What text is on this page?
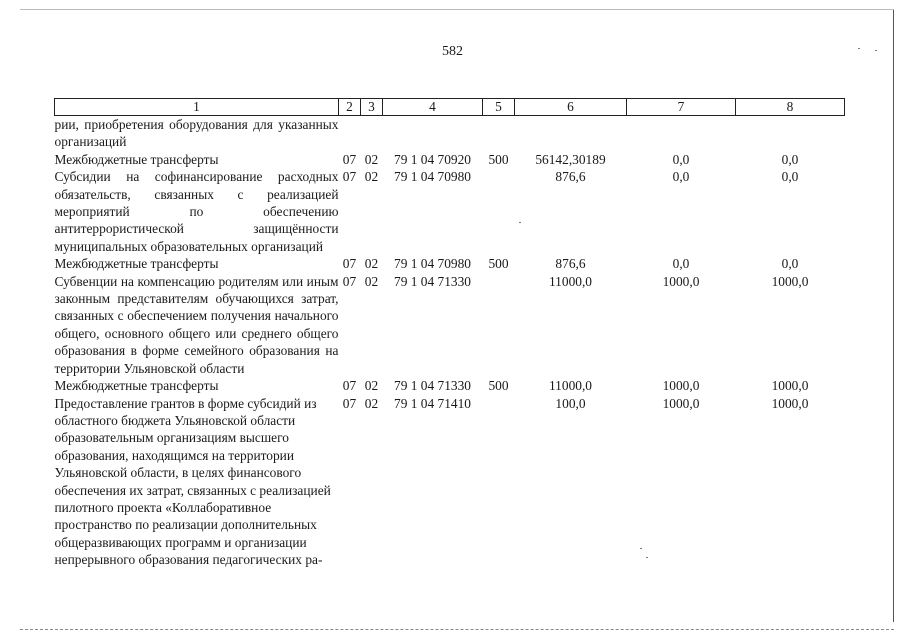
582
1	2	3	4	5	6	7	8
рии, приобретения оборудования для указанных организаций							
Межбюджетные трансферты	07	02	79 1 04 70920	500	56142,30189	0,0	0,0
Субсидии на софинансирование расходных обязательств, связанных с реализацией мероприятий по обеспечению антитеррористической защищённости муниципальных образовательных организаций	07	02	79 1 04 70980		876,6	0,0	0,0
Межбюджетные трансферты	07	02	79 1 04 70980	500	876,6	0,0	0,0
Субвенции на компенсацию родителям или иным законным представителям обучающихся затрат, связанных с обеспечением получения начального общего, основного общего или среднего общего образования в форме семейного образования на территории Ульяновской области	07	02	79 1 04 71330		11000,0	1000,0	1000,0
Межбюджетные трансферты	07	02	79 1 04 71330	500	11000,0	1000,0	1000,0
Предоставление грантов в форме субсидий из областного бюджета Ульяновской области образовательным организациям высшего образования, находящимся на территории Ульяновской области, в целях финансового обеспечения их затрат, связанных с реализацией пилотного проекта «Коллаборативное пространство по реализации дополнительных общеразвивающих программ и организации непрерывного образования педагогических ра-	07	02	79 1 04 71410		100,0	1000,0	1000,0
